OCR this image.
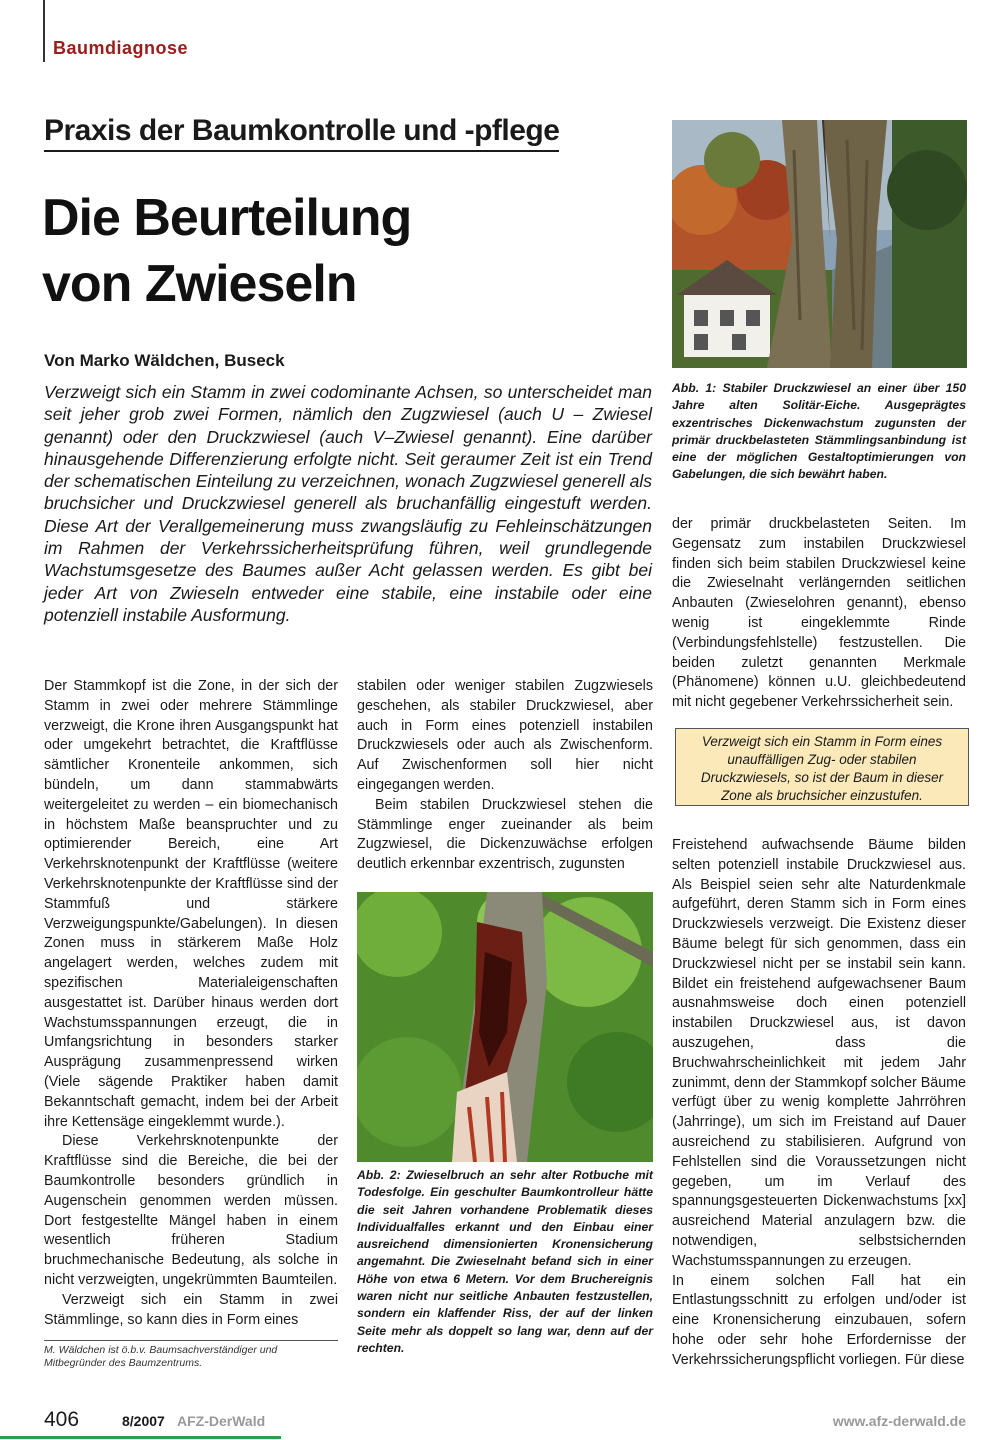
Baumdiagnose
Praxis der Baumkontrolle und -pflege
Die Beurteilung
von Zwieseln
Von Marko Wäldchen, Buseck
Verzweigt sich ein Stamm in zwei codominante Achsen, so unterscheidet man seit jeher grob zwei Formen, nämlich den Zugzwiesel (auch U – Zwiesel genannt) oder den Druckzwiesel (auch V–Zwiesel genannt). Eine darüber hinausgehende Differenzierung erfolgte nicht. Seit geraumer Zeit ist ein Trend der schematischen Einteilung zu verzeichnen, wonach Zugzwiesel generell als bruchsicher und Druckzwiesel generell als bruchanfällig eingestuft werden. Diese Art der Verallgemeinerung muss zwangsläufig zu Fehleinschätzungen im Rahmen der Verkehrssicherheitsprüfung führen, weil grundlegende Wachstumsgesetze des Baumes außer Acht gelassen werden. Es gibt bei jeder Art von Zwieseln entweder eine stabile, eine instabile oder eine potenziell instabile Ausformung.
Abb. 1: Stabiler Druckzwiesel an einer über 150 Jahre alten Solitär-Eiche. Ausgeprägtes exzentrisches Dickenwachstum zugunsten der primär druckbelasteten Stämmlingsanbindung ist eine der möglichen Gestaltoptimierungen von Gabelungen, die sich bewährt haben.

Der Stammkopf ist die Zone, in der sich der Stamm in zwei oder mehrere Stämmlinge verzweigt, die Krone ihren Ausgangspunkt hat oder umgekehrt betrachtet, die Kraftflüsse sämtlicher Kronenteile ankommen, sich bündeln, um dann stammabwärts weitergeleitet zu werden – ein biomechanisch in höchstem Maße beanspruchter und zu optimierender Bereich, eine Art Verkehrsknotenpunkt der Kraftflüsse (weitere Verkehrsknotenpunkte der Kraftflüsse sind der Stammfuß und stärkere Verzweigungspunkte/Gabelungen). In diesen Zonen muss in stärkerem Maße Holz angelagert werden, welches zudem mit spezifischen Materialeigenschaften ausgestattet ist. Darüber hinaus werden dort Wachstumsspannungen erzeugt, die in Umfangsrichtung in besonders starker Ausprägung zusammenpressend wirken (Viele sägende Praktiker haben damit Bekanntschaft gemacht, indem bei der Arbeit ihre Kettensäge eingeklemmt wurde.).

Diese Verkehrsknotenpunkte der Kraftflüsse sind die Bereiche, die bei der Baumkontrolle besonders gründlich in Augenschein genommen werden müssen. Dort festgestellte Mängel haben in einem wesentlich früheren Stadium bruchmechanische Bedeutung, als solche in nicht verzweigten, ungekrümmten Baumteilen.

Verzweigt sich ein Stamm in zwei Stämmlinge, so kann dies in Form eines

M. Wäldchen ist ö.b.v. Baumsachverständiger und Mitbegründer des Baumzentrums.

stabilen oder weniger stabilen Zugzwiesels geschehen, als stabiler Druckzwiesel, aber auch in Form eines potenziell instabilen Druckzwiesels oder auch als Zwischenform. Auf Zwischenformen soll hier nicht eingegangen werden.

Beim stabilen Druckzwiesel stehen die Stämmlinge enger zueinander als beim Zugzwiesel, die Dickenzuwächse erfolgen deutlich erkennbar exzentrisch, zugunsten

Abb. 2: Zwieselbruch an sehr alter Rotbuche mit Todesfolge. Ein geschulter Baumkontrolleur hätte die seit Jahren vorhandene Problematik dieses Individualfalles erkannt und den Einbau einer ausreichend dimensionierten Kronensicherung angemahnt. Die Zwieselnaht befand sich in einer Höhe von etwa 6 Metern. Vor dem Bruchereignis waren nicht nur seitliche Anbauten festzustellen, sondern ein klaffender Riss, der auf der linken Seite mehr als doppelt so lang war, denn auf der rechten.

der primär druckbelasteten Seiten. Im Gegensatz zum instabilen Druckzwiesel finden sich beim stabilen Druckzwiesel keine die Zwieselnaht verlängernden seitlichen Anbauten (Zwieselohren genannt), ebenso wenig ist eingeklemmte Rinde (Verbindungsfehlstelle) festzustellen. Die beiden zuletzt genannten Merkmale (Phänomene) können u.U. gleichbedeutend mit nicht gegebener Verkehrssicherheit sein.

Verzweigt sich ein Stamm in Form eines unauffälligen Zug- oder stabilen Druckzwiesels, so ist der Baum in dieser Zone als bruchsicher einzustufen.

Freistehend aufwachsende Bäume bilden selten potenziell instabile Druckzwiesel aus. Als Beispiel seien sehr alte Naturdenkmale aufgeführt, deren Stamm sich in Form eines Druckzwiesels verzweigt. Die Existenz dieser Bäume belegt für sich genommen, dass ein Druckzwiesel nicht per se instabil sein kann. Bildet ein freistehend aufgewachsener Baum ausnahmsweise doch einen potenziell instabilen Druckzwiesel aus, ist davon auszugehen, dass die Bruchwahrscheinlichkeit mit jedem Jahr zunimmt, denn der Stammkopf solcher Bäume verfügt über zu wenig komplette Jahrröhren (Jahrringe), um sich im Freistand auf Dauer ausreichend zu stabilisieren. Aufgrund von Fehlstellen sind die Voraussetzungen nicht gegeben, um im Verlauf des spannungsgesteuerten Dickenwachstums [xx] ausreichend Material anzulagern bzw. die notwendigen, selbstsichernden Wachstumsspannungen zu erzeugen.

In einem solchen Fall hat ein Entlastungsschnitt zu erfolgen und/oder ist eine Kronensicherung einzubauen, sofern hohe oder sehr hohe Erfordernisse der Verkehrssicherungspflicht vorliegen. Für diese

406	8/2007 AFZ-DerWald	www.afz-derwald.de
